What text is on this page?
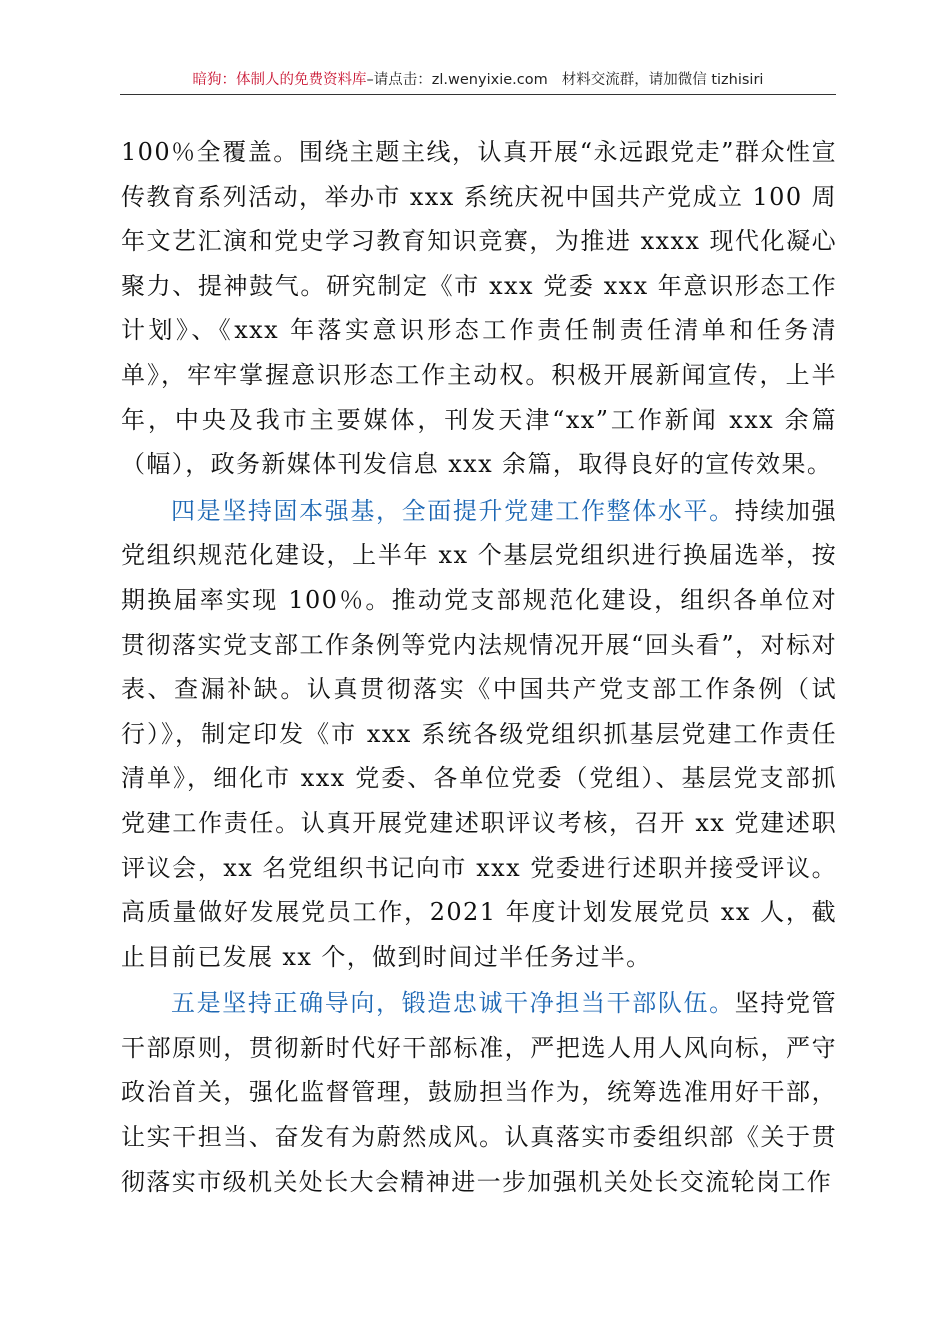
暗狗：体制人的免费资料库–请点击：zl.wenyixie.com 材料交流群，请加微信 tizhisiri

100％全覆盖。围绕主题主线，认真开展“永远跟党走”群众性宣传教育系列活动，举办市 xxx 系统庆祝中国共产党成立 100 周年文艺汇演和党史学习教育知识竞赛，为推进 xxxx 现代化凝心聚力、提神鼓气。研究制定《市 xxx 党委 xxx 年意识形态工作计划》、《xxx 年落实意识形态工作责任制责任清单和任务清单》，牢牢掌握意识形态工作主动权。积极开展新闻宣传，上半年，中央及我市主要媒体，刊发天津“xx”工作新闻 xxx 余篇（幅），政务新媒体刊发信息 xxx 余篇，取得良好的宣传效果。

四是坚持固本强基，全面提升党建工作整体水平。持续加强党组织规范化建设，上半年 xx 个基层党组织进行换届选举，按期换届率实现 100％。推动党支部规范化建设，组织各单位对贯彻落实党支部工作条例等党内法规情况开展“回头看”，对标对表、查漏补缺。认真贯彻落实《中国共产党支部工作条例（试行）》，制定印发《市 xxx 系统各级党组织抓基层党建工作责任清单》，细化市 xxx 党委、各单位党委（党组）、基层党支部抓党建工作责任。认真开展党建述职评议考核，召开 xx 党建述职评议会，xx 名党组织书记向市 xxx 党委进行述职并接受评议。高质量做好发展党员工作，2021 年度计划发展党员 xx 人，截止目前已发展 xx 个，做到时间过半任务过半。

五是坚持正确导向，锻造忠诚干净担当干部队伍。坚持党管干部原则，贯彻新时代好干部标准，严把选人用人风向标，严守政治首关，强化监督管理，鼓励担当作为，统筹选准用好干部，让实干担当、奋发有为蔚然成风。认真落实市委组织部《关于贯彻落实市级机关处长大会精神进一步加强机关处长交流轮岗工作
